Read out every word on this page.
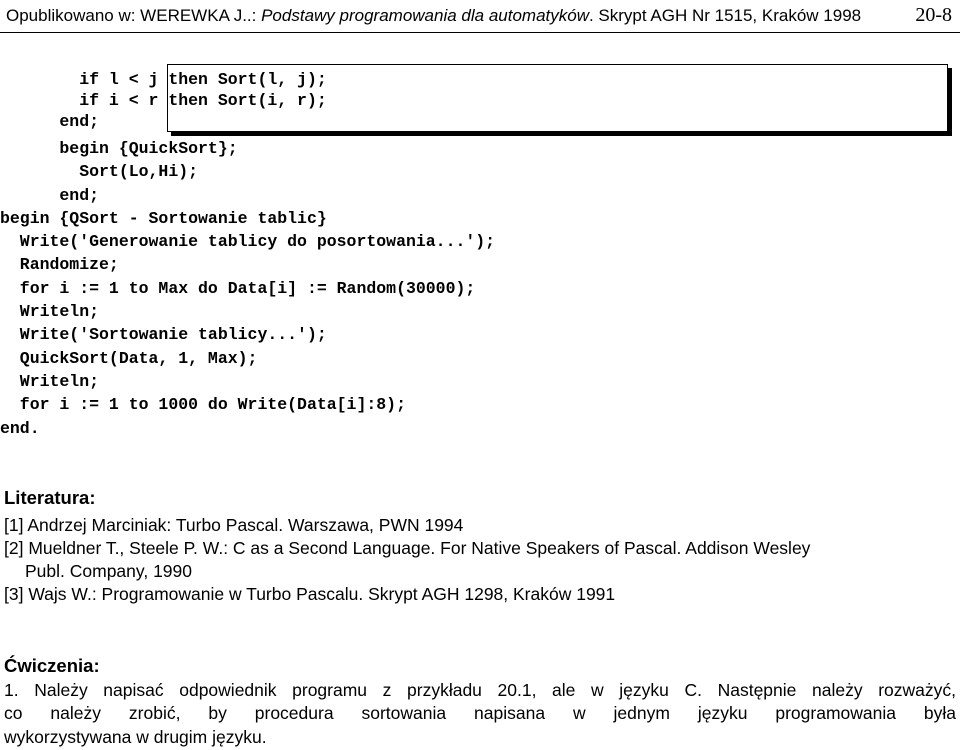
Opublikowano w: WEREWKA J..: Podstawy programowania dla automatyków. Skrypt AGH Nr 1515, Kraków 1998	20-8
if l < j then Sort(l, j);
if i < r then Sort(i, r);
end;
begin {QuickSort};
Sort(Lo,Hi);
end;
begin {QSort - Sortowanie tablic}
Write('Generowanie tablicy do posortowania...');
Randomize;
for i := 1 to Max do Data[i] := Random(30000);
Writeln;
Write('Sortowanie tablicy...');
QuickSort(Data, 1, Max);
Writeln;
for i := 1 to 1000 do Write(Data[i]:8);
end.
Literatura:
[1] Andrzej Marciniak: Turbo Pascal. Warszawa, PWN 1994
[2] Mueldner T., Steele P. W.: C as a Second Language. For Native Speakers of Pascal. Addison Wesley
Publ. Company, 1990
[3] Wajs W.: Programowanie w Turbo Pascalu. Skrypt AGH 1298, Kraków 1991
Ćwiczenia:
1. Należy napisać odpowiednik programu z przykładu 20.1, ale w języku C. Następnie należy rozważyć,
co należy zrobić, by procedura sortowania napisana w jednym języku programowania była
wykorzystywana w drugim języku.
